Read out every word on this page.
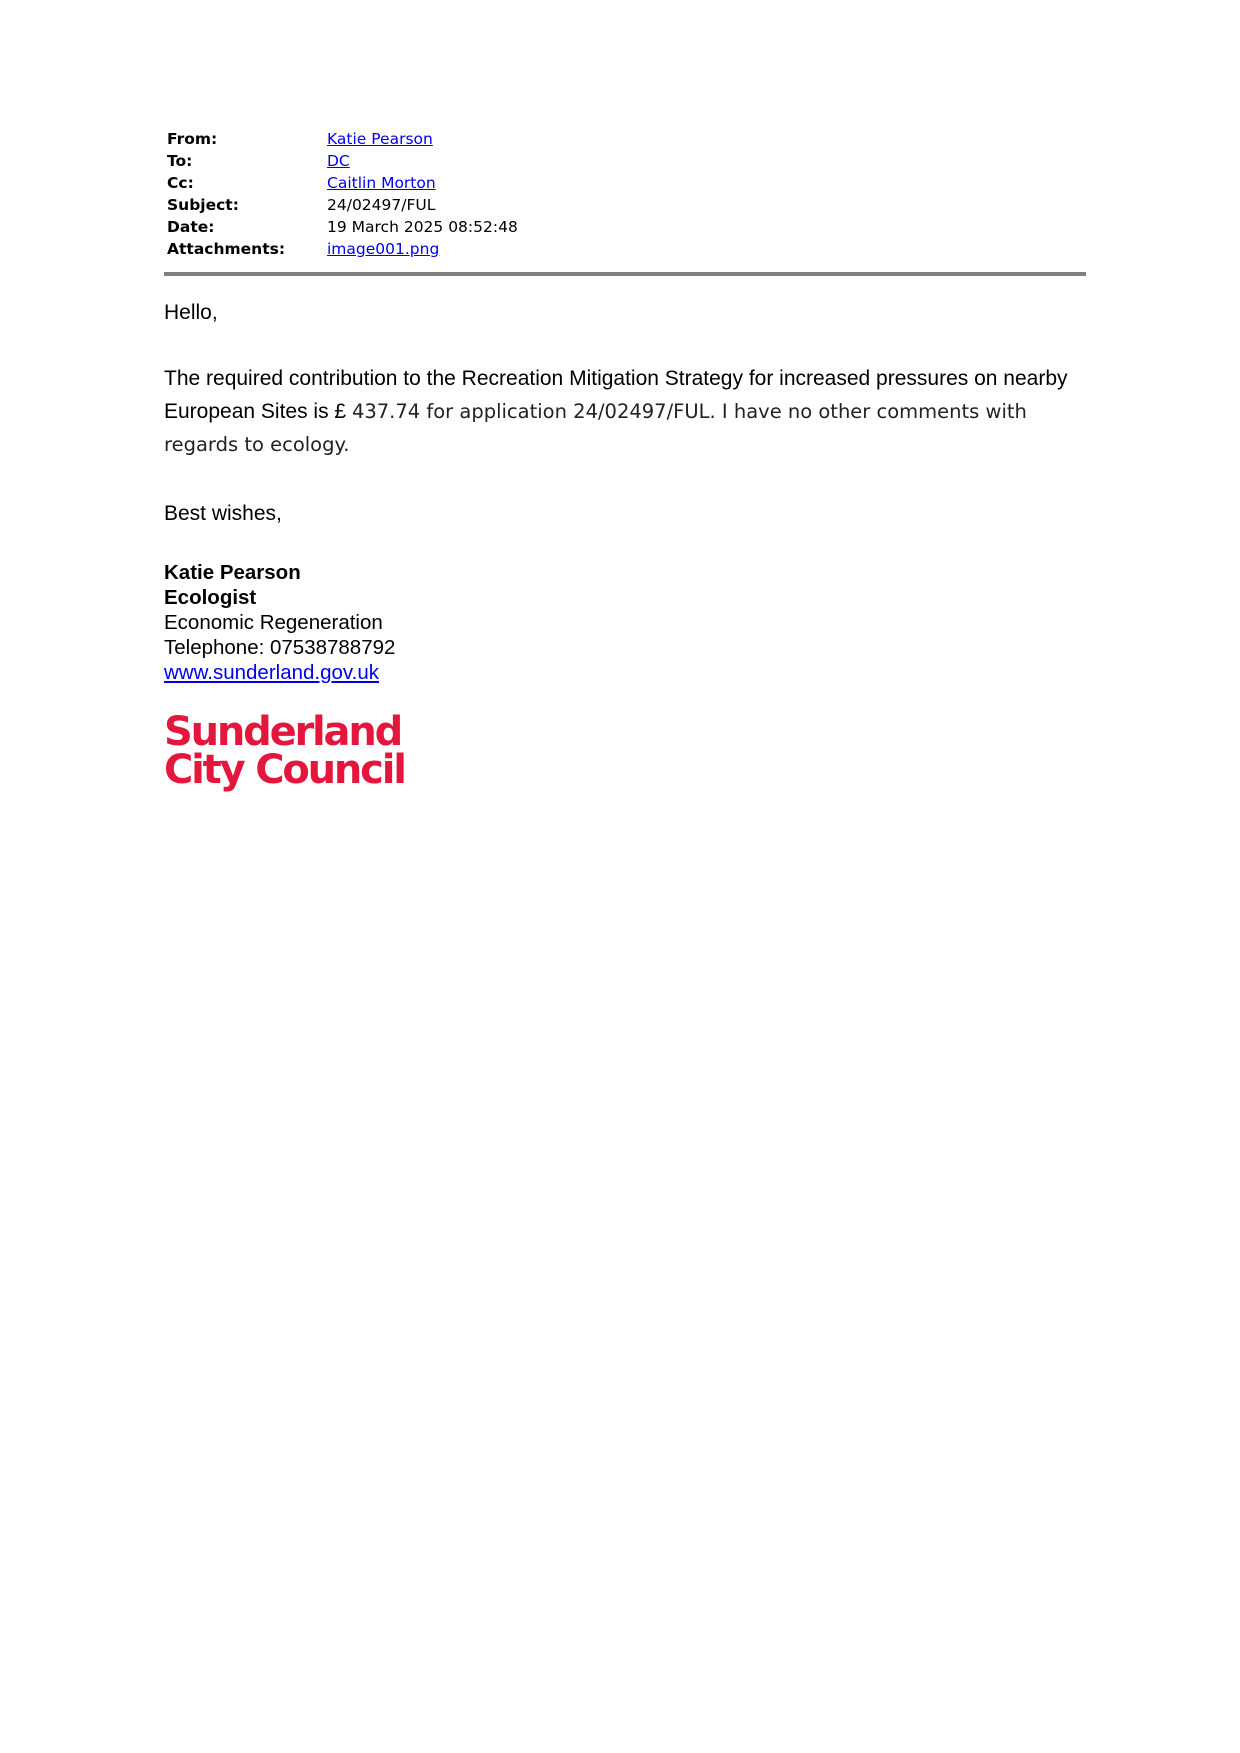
From:	Katie Pearson
To:	DC
Cc:	Caitlin Morton
Subject:	24/02497/FUL
Date:	19 March 2025 08:52:48
Attachments:	image001.png
Hello,
The required contribution to the Recreation Mitigation Strategy for increased pressures on nearby European Sites is £ 437.74 for application 24/02497/FUL. I have no other comments with regards to ecology.
Best wishes,
Katie Pearson
Ecologist
Economic Regeneration
Telephone: 07538788792
www.sunderland.gov.uk
Sunderland
City Council
